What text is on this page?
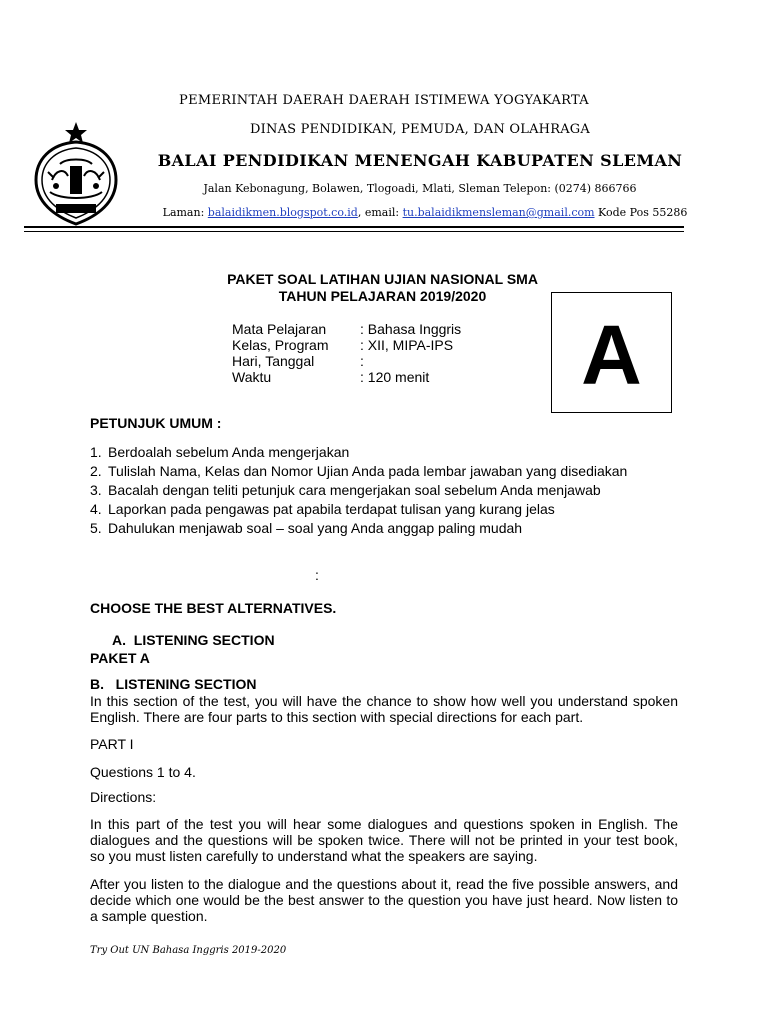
PEMERINTAH DAERAH DAERAH ISTIMEWA YOGYAKARTA
DINAS PENDIDIKAN, PEMUDA, DAN OLAHRAGA
BALAI PENDIDIKAN MENENGAH KABUPATEN SLEMAN
Jalan Kebonagung, Bolawen, Tlogoadi, Mlati, Sleman Telepon: (0274) 866766
Laman: balaidikmen.blogspot.co.id, email: tu.balaidikmensleman@gmail.com Kode Pos 55286
PAKET SOAL LATIHAN UJIAN NASIONAL SMA
TAHUN PELAJARAN 2019/2020
Mata Pelajaran : Bahasa Inggris
Kelas, Program : XII, MIPA-IPS
Hari, Tanggal	:
Waktu	: 120 menit	A
PETUNJUK UMUM :
1. Berdoalah sebelum Anda mengerjakan
2. Tulislah Nama, Kelas dan Nomor Ujian Anda pada lembar jawaban yang disediakan
3. Bacalah dengan teliti petunjuk cara mengerjakan soal sebelum Anda menjawab
4. Laporkan pada pengawas pat apabila terdapat tulisan yang kurang jelas
5. Dahulukan menjawab soal – soal yang Anda anggap paling mudah
:
CHOOSE THE BEST ALTERNATIVES.
A.  LISTENING SECTION
PAKET A
B.   LISTENING SECTION
In this section of the test, you will have the chance to show how well you understand spoken English. There are four parts to this section with special directions for each part.
PART I
Questions 1 to 4.
Directions:
In this part of the test you will hear some dialogues and questions spoken in English. The dialogues and the questions will be spoken twice. There will not be printed in your test book, so you must listen carefully to understand what the speakers are saying.
After you listen to the dialogue and the questions about it, read the five possible answers, and decide which one would be the best answer to the question you have just heard. Now listen to a sample question.
Try Out UN Bahasa Inggris 2019-2020
